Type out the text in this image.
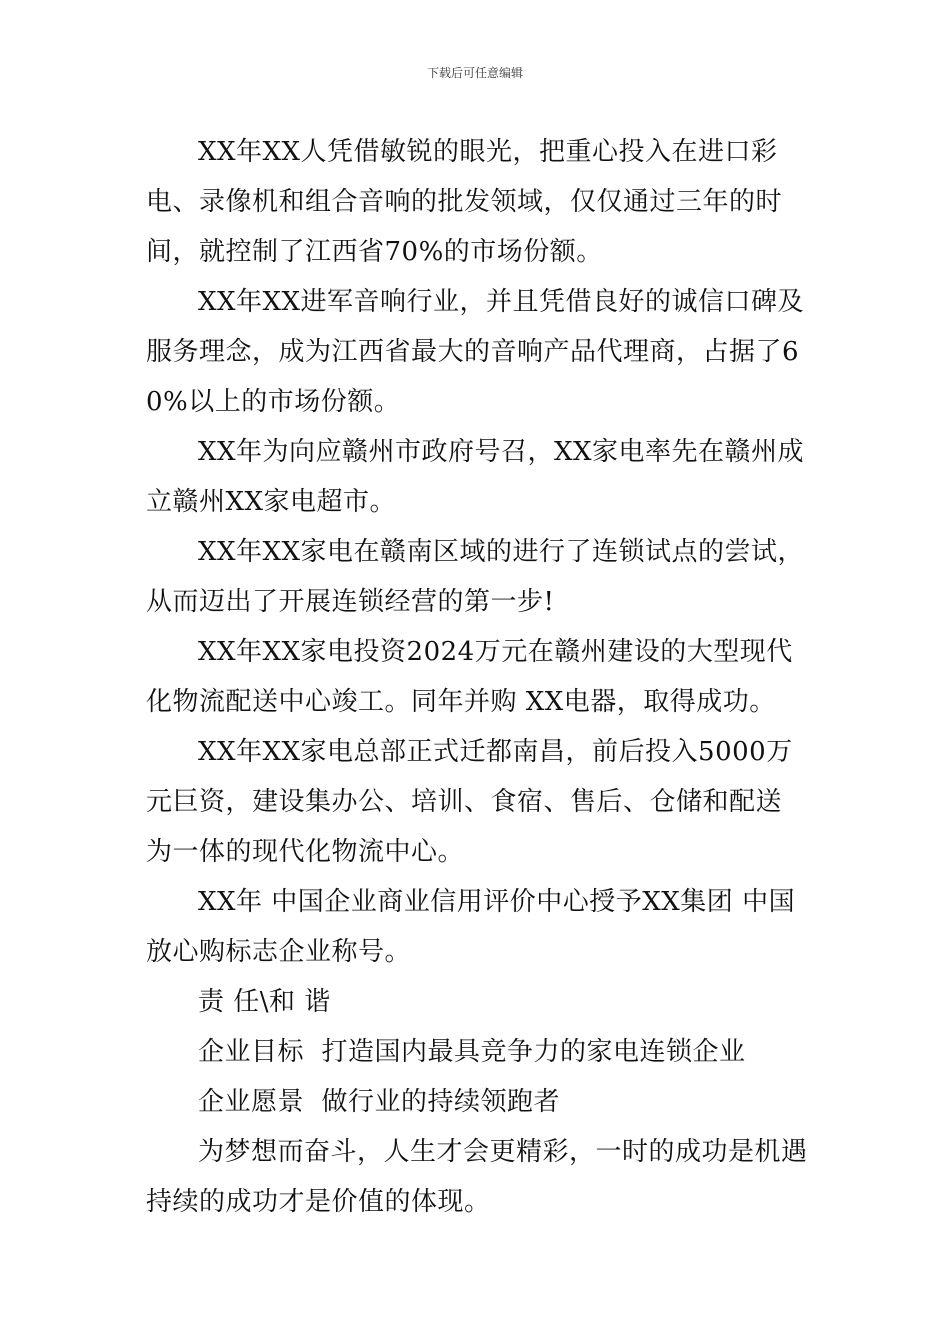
下载后可任意编辑

XX年XX人凭借敏锐的眼光，把重心投入在进口彩电、录像机和组合音响的批发领域，仅仅通过三年的时间，就控制了江西省70%的市场份额。

XX年XX进军音响行业，并且凭借良好的诚信口碑及服务理念，成为江西省最大的音响产品代理商，占据了60%以上的市场份额。

XX年为向应赣州市政府号召，XX家电率先在赣州成立赣州XX家电超市。

XX年XX家电在赣南区域的进行了连锁试点的尝试，从而迈出了开展连锁经营的第一步!

XX年XX家电投资2024万元在赣州建设的大型现代化物流配送中心竣工。同年并购 XX电器，取得成功。

XX年XX家电总部正式迁都南昌，前后投入5000万元巨资，建设集办公、培训、食宿、售后、仓储和配送为一体的现代化物流中心。

XX年 中国企业商业信用评价中心授予XX集团 中国放心购标志企业称号。

责 任\和 谐

企业目标  打造国内最具竞争力的家电连锁企业

企业愿景  做行业的持续领跑者

为梦想而奋斗，人生才会更精彩，一时的成功是机遇持续的成功才是价值的体现。
